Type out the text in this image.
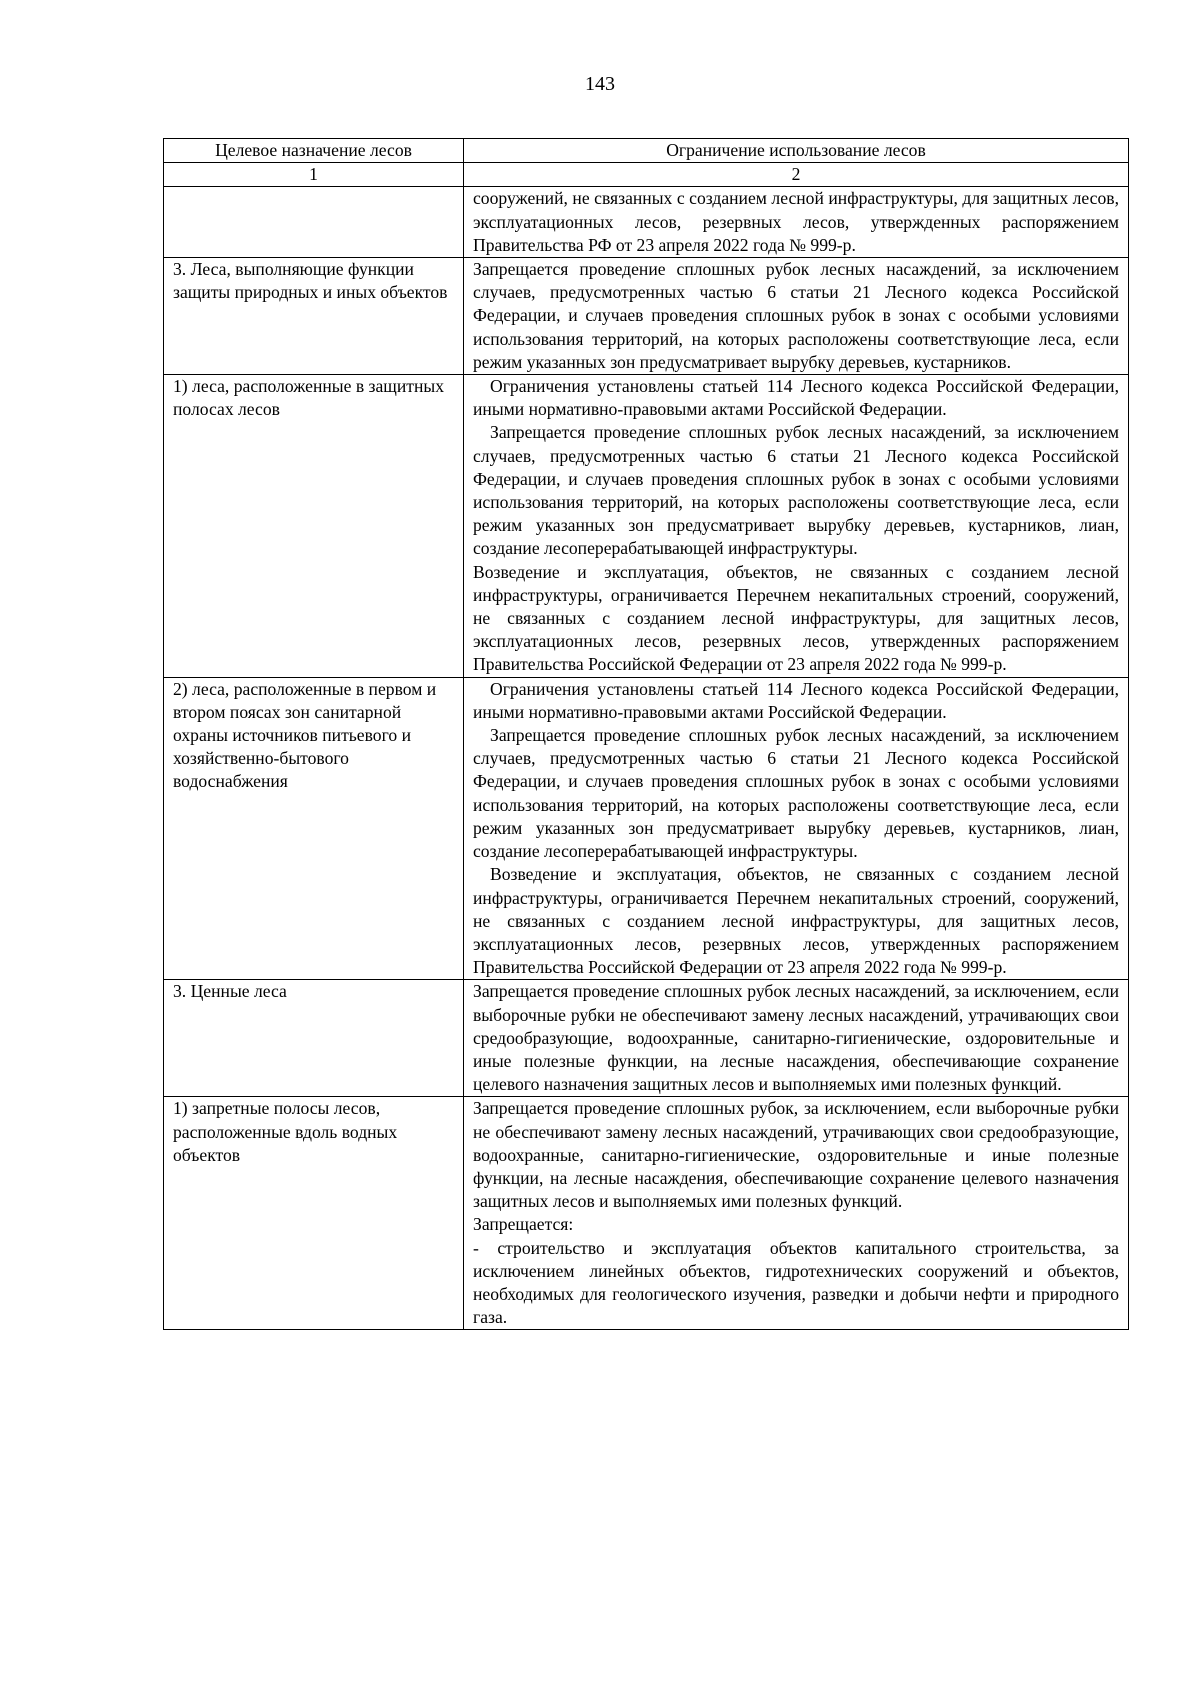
143
Целевое назначение лесов	Ограничение использование лесов
1	2

	сооружений, не связанных с созданием лесной инфраструктуры, для защитных лесов, эксплуатационных лесов, резервных лесов, утвержденных распоряжением Правительства РФ от 23 апреля 2022 года № 999-р.

3. Леса, выполняющие функции защиты природных и иных объектов	Запрещается проведение сплошных рубок лесных насаждений, за исключением случаев, предусмотренных частью 6 статьи 21 Лесного кодекса Российской Федерации, и случаев проведения сплошных рубок в зонах с особыми условиями использования территорий, на которых расположены соответствующие леса, если режим указанных зон предусматривает вырубку деревьев, кустарников.

1) леса, расположенные в защитных полосах лесов	Ограничения установлены статьей 114 Лесного кодекса Российской Федерации, иными нормативно-правовыми актами Российской Федерации.
Запрещается проведение сплошных рубок лесных насаждений, за исключением случаев, предусмотренных частью 6 статьи 21 Лесного кодекса Российской Федерации, и случаев проведения сплошных рубок в зонах с особыми условиями использования территорий, на которых расположены соответствующие леса, если режим указанных зон предусматривает вырубку деревьев, кустарников, лиан, создание лесоперерабатывающей инфраструктуры.
Возведение и эксплуатация, объектов, не связанных с созданием лесной инфраструктуры, ограничивается Перечнем некапитальных строений, сооружений, не связанных с созданием лесной инфраструктуры, для защитных лесов, эксплуатационных лесов, резервных лесов, утвержденных распоряжением Правительства Российской Федерации от 23 апреля 2022 года № 999-р.

2) леса, расположенные в первом и втором поясах зон санитарной охраны источников питьевого и хозяйственно-бытового водоснабжения	Ограничения установлены статьей 114 Лесного кодекса Российской Федерации, иными нормативно-правовыми актами Российской Федерации.
Запрещается проведение сплошных рубок лесных насаждений, за исключением случаев, предусмотренных частью 6 статьи 21 Лесного кодекса Российской Федерации, и случаев проведения сплошных рубок в зонах с особыми условиями использования территорий, на которых расположены соответствующие леса, если режим указанных зон предусматривает вырубку деревьев, кустарников, лиан, создание лесоперерабатывающей инфраструктуры.
Возведение и эксплуатация, объектов, не связанных с созданием лесной инфраструктуры, ограничивается Перечнем некапитальных строений, сооружений, не связанных с созданием лесной инфраструктуры, для защитных лесов, эксплуатационных лесов, резервных лесов, утвержденных распоряжением Правительства Российской Федерации от 23 апреля 2022 года № 999-р.

3. Ценные леса	Запрещается проведение сплошных рубок лесных насаждений, за исключением, если выборочные рубки не обеспечивают замену лесных насаждений, утрачивающих свои средообразующие, водоохранные, санитарно-гигиенические, оздоровительные и иные полезные функции, на лесные насаждения, обеспечивающие сохранение целевого назначения защитных лесов и выполняемых ими полезных функций.

1) запретные полосы лесов, расположенные вдоль водных объектов	Запрещается проведение сплошных рубок, за исключением, если выборочные рубки не обеспечивают замену лесных насаждений, утрачивающих свои средообразующие, водоохранные, санитарно-гигиенические, оздоровительные и иные полезные функции, на лесные насаждения, обеспечивающие сохранение целевого назначения защитных лесов и выполняемых ими полезных функций.
Запрещается:
- строительство и эксплуатация объектов капитального строительства, за исключением линейных объектов, гидротехнических сооружений и объектов, необходимых для геологического изучения, разведки и добычи нефти и природного газа.
